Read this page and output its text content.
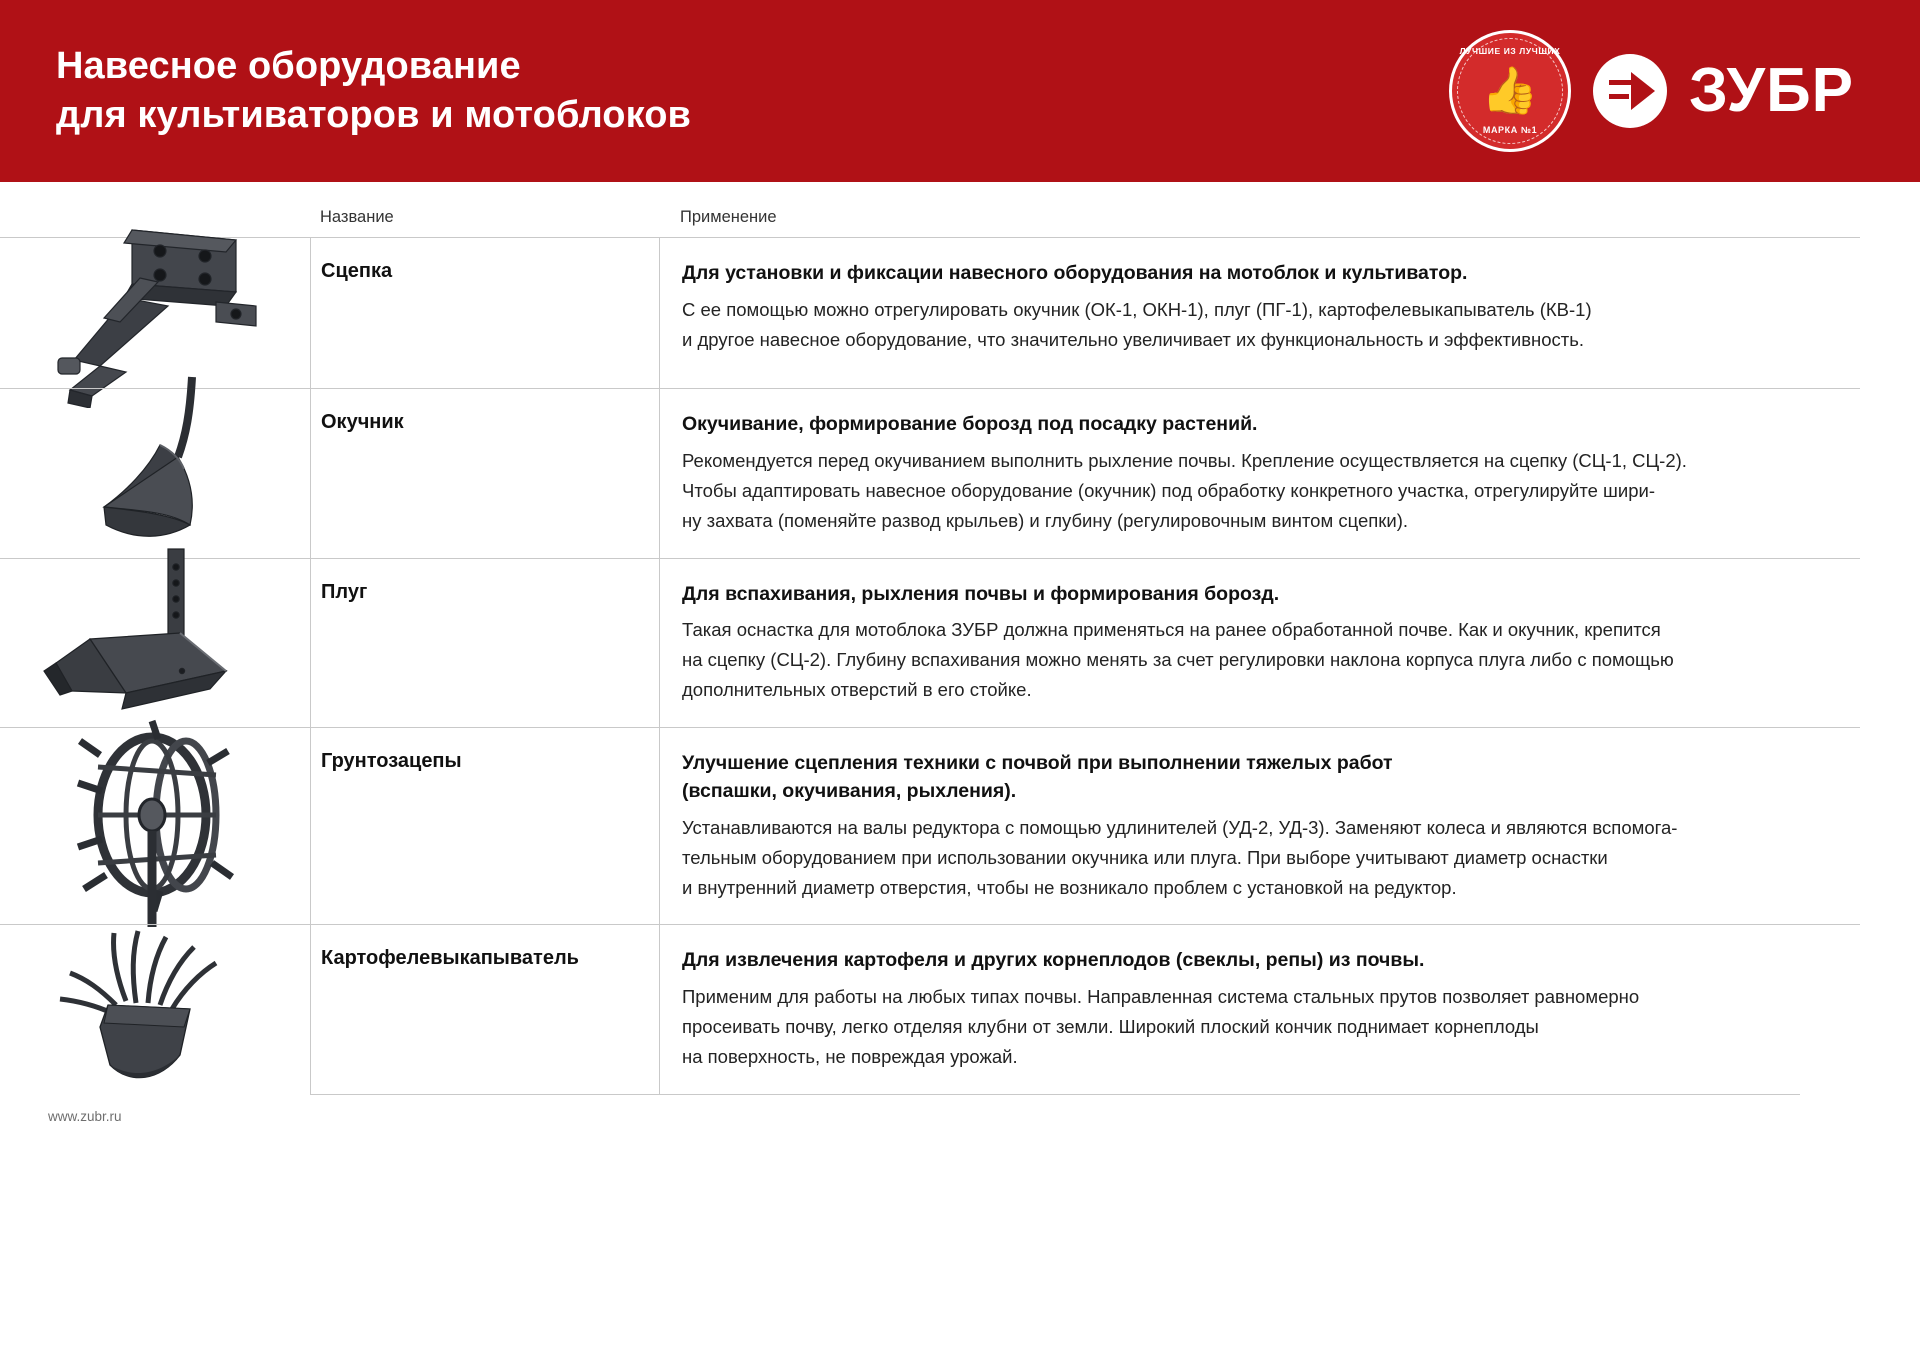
Навесное оборудование
для культиваторов и мотоблоков
ЛУЧШИЕ ИЗ ЛУЧШИХ
👍
МАРКА №1
ЗУБР
Название	Применение
Сцепка	Для установки и фиксации навесного оборудования на мотоблок и культиватор.
С ее помощью можно отрегулировать окучник (ОК-1, ОКН-1), плуг (ПГ-1), картофелевыкапыватель (КВ-1)
и другое навесное оборудование, что значительно увеличивает их функциональность и эффективность.
Окучник	Окучивание, формирование борозд под посадку растений.
Рекомендуется перед окучиванием выполнить рыхление почвы. Крепление осуществляется на сцепку (СЦ-1, СЦ-2).
Чтобы адаптировать навесное оборудование (окучник) под обработку конкретного участка, отрегулируйте шири-
ну захвата (поменяйте развод крыльев) и глубину (регулировочным винтом сцепки).
Плуг	Для вспахивания, рыхления почвы и формирования борозд.
Такая оснастка для мотоблока ЗУБР должна применяться на ранее обработанной почве. Как и окучник, крепится
на сцепку (СЦ-2). Глубину вспахивания можно менять за счет регулировки наклона корпуса плуга либо с помощью
дополнительных отверстий в его стойке.
Грунтозацепы	Улучшение сцепления техники с почвой при выполнении тяжелых работ
(вспашки, окучивания, рыхления).
Устанавливаются на валы редуктора с помощью удлинителей (УД-2, УД-3). Заменяют колеса и являются вспомога-
тельным оборудованием при использовании окучника или плуга. При выборе учитывают диаметр оснастки
и внутренний диаметр отверстия, чтобы не возникало проблем с установкой на редуктор.
Картофелевыкапыватель	Для извлечения картофеля и других корнеплодов (свеклы, репы) из почвы.
Применим для работы на любых типах почвы. Направленная система стальных прутов позволяет равномерно
просеивать почву, легко отделяя клубни от земли. Широкий плоский кончик поднимает корнеплоды
на поверхность, не повреждая урожай.
www.zubr.ru
